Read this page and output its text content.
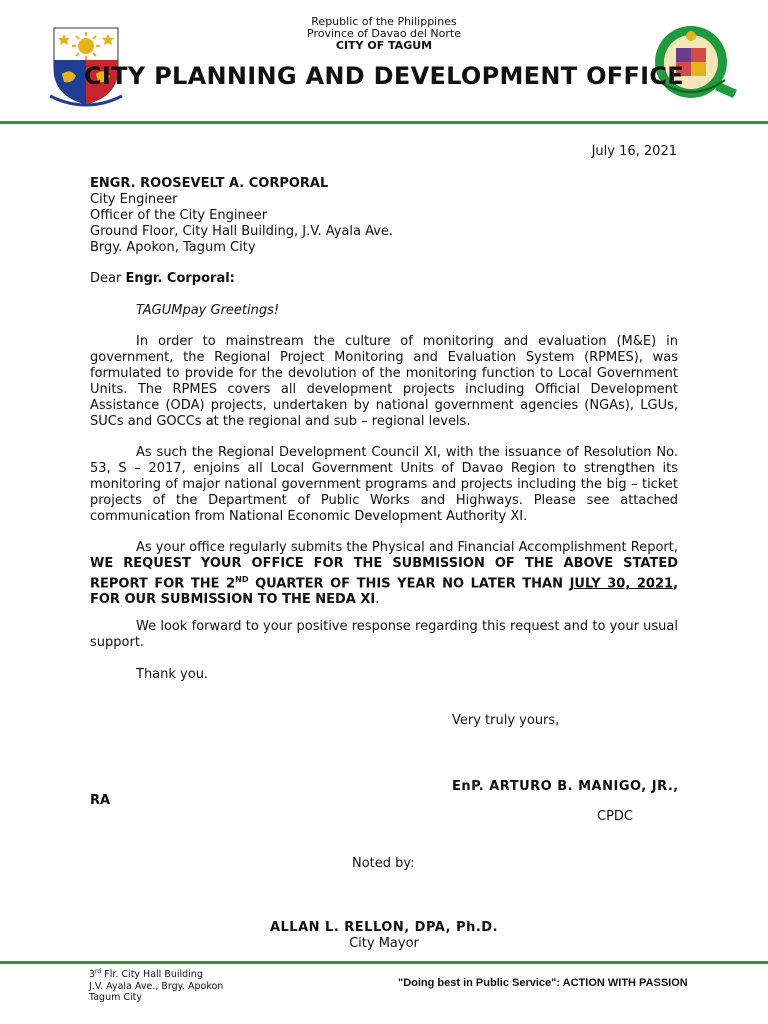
Republic of the Philippines
Province of Davao del Norte
CITY OF TAGUM
CITY PLANNING AND DEVELOPMENT OFFICE
July 16, 2021
ENGR. ROOSEVELT A. CORPORAL
City Engineer
Officer of the City Engineer
Ground Floor, City Hall Building, J.V. Ayala Ave.
Brgy. Apokon, Tagum City
Dear Engr. Corporal:
TAGUMpay Greetings!
In order to mainstream the culture of monitoring and evaluation (M&E) in government, the Regional Project Monitoring and Evaluation System (RPMES), was formulated to provide for the devolution of the monitoring function to Local Government Units. The RPMES covers all development projects including Official Development Assistance (ODA) projects, undertaken by national government agencies (NGAs), LGUs, SUCs and GOCCs at the regional and sub – regional levels.
As such the Regional Development Council XI, with the issuance of Resolution No. 53, S – 2017, enjoins all Local Government Units of Davao Region to strengthen its monitoring of major national government programs and projects including the big – ticket projects of the Department of Public Works and Highways. Please see attached communication from National Economic Development Authority XI.
As your office regularly submits the Physical and Financial Accomplishment Report, WE REQUEST YOUR OFFICE FOR THE SUBMISSION OF THE ABOVE STATED REPORT FOR THE 2ND QUARTER OF THIS YEAR NO LATER THAN JULY 30, 2021, FOR OUR SUBMISSION TO THE NEDA XI.
We look forward to your positive response regarding this request and to your usual support.
Thank you.
Very truly yours,
EnP. ARTURO B. MANIGO, JR.,
RA
CPDC
Noted by:
ALLAN L. RELLON, DPA, Ph.D.
City Mayor
3rd Flr. City Hall Building
J.V. Ayala Ave., Brgy. Apokon
Tagum City
"Doing best in Public Service": ACTION WITH PASSION
